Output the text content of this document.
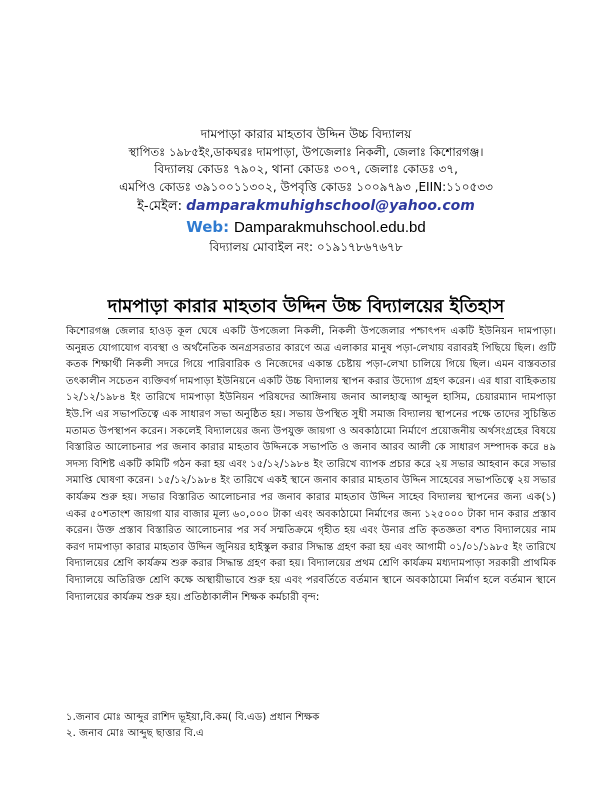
দামপাড়া কারার মাহতাব উদ্দিন উচ্চ বিদ্যালয়
স্থাপিতঃ ১৯৮৫ইং,ডাকঘরঃ দামপাড়া, উপজেলাঃ নিকলী, জেলাঃ কিশোরগঞ্জ।
বিদ্যালয় কোডঃ ৭৯০২, থানা কোডঃ ৩০৭, জেলাঃ কোডঃ ৩৭,
এমপিও কোডঃ ৩৯১০০১১৩০২, উপবৃত্তি কোডঃ ১০০৯৭৯৩ ,EIIN:১১০৫৩৩
ই-মেইল: damparakmuhighschool@yahoo.com
Web: Damparakmuhschool.edu.bd
বিদ্যালয় মোবাইল নং: ০১৯১৭৮৬৭৬৭৮
দামপাড়া কারার মাহতাব উদ্দিন উচ্চ বিদ্যালয়ের ইতিহাস

কিশোরগঞ্জ জেলার হাওড় কূল ঘেষে একটি উপজেলা নিকলী, নিকলী উপজেলার পশ্চাৎপদ একটি ইউনিয়ন দামপাড়া। অনুন্নত যোগাযোগ ব্যবস্থা ও অর্থনৈতিক অনগ্রসরতার কারণে অত্র এলাকার মানুষ পড়া-লেখায় বরাবরই পিছিয়ে ছিল। গুটি কতক শিক্ষার্থী নিকলী সদরে গিয়ে পারিবারিক ও নিজেদের একান্ত চেষ্টায় পড়া-লেখা চালিয়ে গিয়ে ছিল। এমন বাস্তবতার তৎকালীন সচেতন ব্যক্তিবর্গ দামপাড়া ইউনিয়নে একটি উচ্চ বিদ্যালয় স্থাপন করার উদ্যোগ গ্রহণ করেন। এর ধারা বাহিকতায় ১২/১২/১৯৮৪ ইং তারিখে দামপাড়া ইউনিয়ন পরিষদের আঙ্গিনায় জনাব আলহাজ্ব আব্দুল হাসিম, চেয়ারম্যান দামপাড়া ইউ.পি এর সভাপতিত্বে এক সাধারণ সভা অনুষ্ঠিত হয়। সভায় উপস্থিত সুধী সমাজ বিদ্যালয় স্থাপনের পক্ষে তাদের সুচিন্তিত মতামত উপস্থাপন করেন। সকলেই বিদ্যালয়ের জন্য উপযুক্ত জায়গা ও অবকাঠামো নির্মাণে প্রয়োজনীয় অর্থসংগ্রহের বিষয়ে বিস্তারিত আলোচনার পর জনাব কারার মাহতাব উদ্দিনকে সভাপতি ও জনাব আরব আলী কে সাধারণ সম্পাদক করে ৪৯ সদস্য বিশিষ্ট একটি কমিটি গঠন করা হয় এবং ১৫/১২/১৯৮৪ ইং তারিখে ব্যাপক প্রচার করে ২য় সভার আহবান করে সভার সমাপ্তি ঘোষণা করেন। ১৫/১২/১৯৮৪ ইং তারিখে একই স্থানে জনাব কারার মাহতাব উদ্দিন সাহেবের সভাপতিত্বে ২য় সভার কার্যক্রম শুরু হয়। সভার বিস্তারিত আলোচনার পর জনাব কারার মাহতাব উদ্দিন সাহেব বিদ্যালয় স্থাপনের জন্য এক(১) একর ৫০শতাংশ জায়গা যার বাজার মূল্য ৬০,০০০ টাকা এবং অবকাঠামো নির্মাণের জন্য ১২৫০০০ টাকা দান করার প্রস্তাব করেন। উক্ত প্রস্তাব বিস্তারিত আলোচনার পর সর্ব সম্মতিক্রমে গৃহীত হয় এবং উনার প্রতি কৃতজ্ঞতা বশত বিদ্যালয়ের নাম করণ দামপাড়া কারার মাহতাব উদ্দিন জুনিয়র হাইস্কুল করার সিদ্ধান্ত গ্রহণ করা হয় এবং আগামী ০১/০১/১৯৮৫ ইং তারিখে বিদ্যালয়ের শ্রেণি কার্যক্রম শুরু করার সিদ্ধান্ত গ্রহণ করা হয়। বিদ্যালয়ের প্রথম শ্রেণি কার্যক্রম মধ্যদামপাড়া সরকারী প্রাথমিক বিদ্যালয়ে অতিরিক্ত শ্রেণি কক্ষে অস্থায়ীভাবে শুরু হয় এবং পরবর্তিতে বর্তমান স্থানে অবকাঠামো নির্মাণ হলে বর্তমান স্থানে বিদ্যালয়ের কার্যক্রম শুরু হয়। প্রতিষ্ঠাকালীন শিক্ষক কর্মচারী বৃন্দ:

১.জনাব মোঃ আব্দুর রাশিদ ভূইয়া,বি.কম( বি.এড) প্রধান শিক্ষক
২. জনাব মোঃ আব্দুছ ছাত্তার বি.এ
